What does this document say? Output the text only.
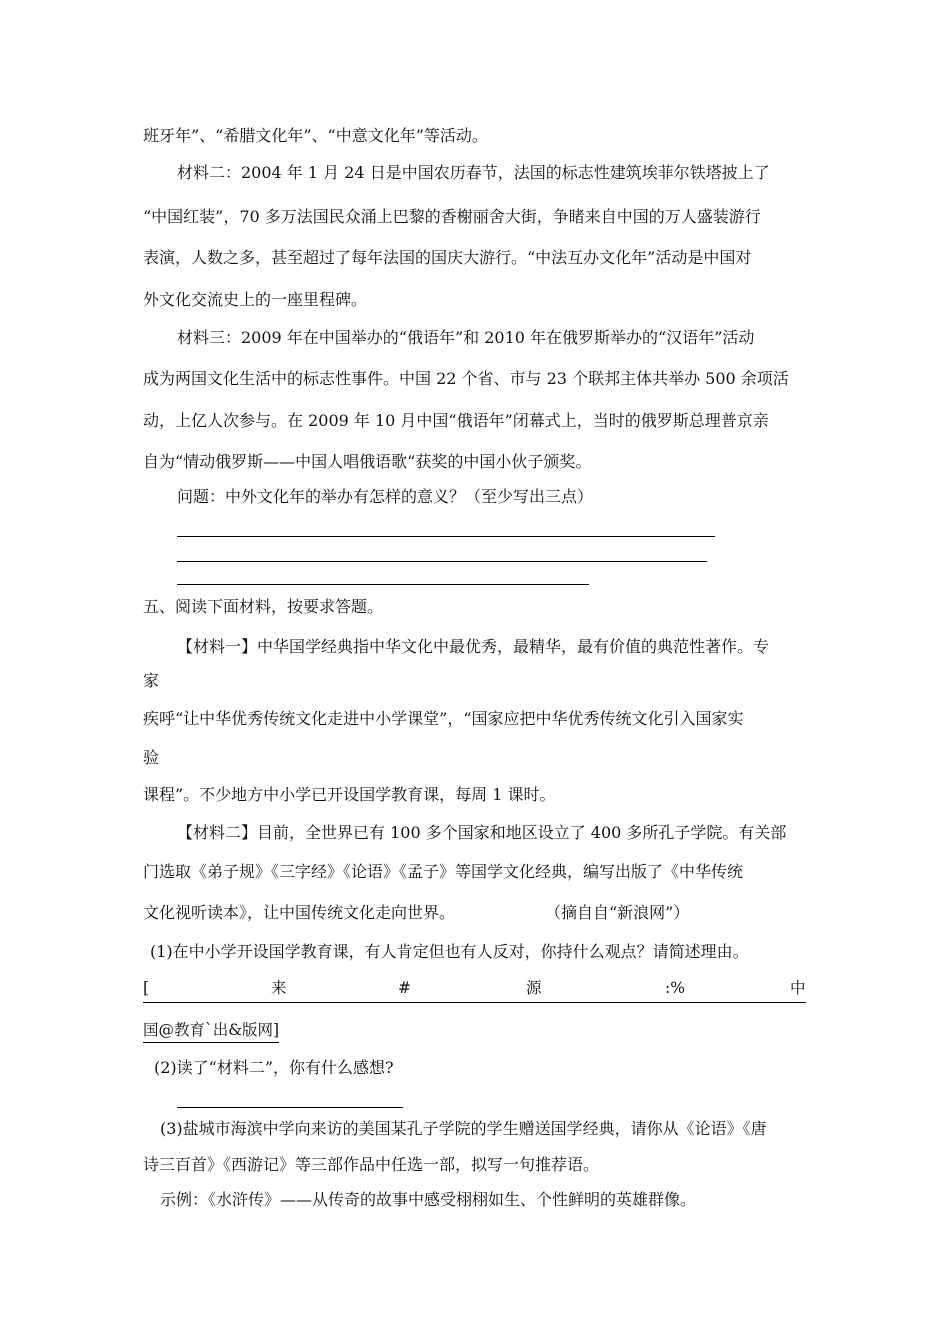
班牙年”、“希腊文化年”、“中意文化年”等活动。
材料二：2004 年 1 月 24 日是中国农历春节，法国的标志性建筑埃菲尔铁塔披上了
“中国红装”，70 多万法国民众涌上巴黎的香榭丽舍大街，争睹来自中国的万人盛装游行
表演，人数之多，甚至超过了每年法国的国庆大游行。“中法互办文化年”活动是中国对
外文化交流史上的一座里程碑。
材料三：2009 年在中国举办的“俄语年”和 2010 年在俄罗斯举办的“汉语年”活动
成为两国文化生活中的标志性事件。中国 22 个省、市与 23 个联邦主体共举办 500 余项活
动，上亿人次参与。在 2009 年 10 月中国“俄语年”闭幕式上，当时的俄罗斯总理普京亲
自为“情动俄罗斯——中国人唱俄语歌“获奖的中国小伙子颁奖。
问题：中外文化年的举办有怎样的意义？（至少写出三点）
五、阅读下面材料，按要求答题。
【材料一】中华国学经典指中华文化中最优秀，最精华，最有价值的典范性著作。专
家
疾呼“让中华优秀传统文化走进中小学课堂”，“国家应把中华优秀传统文化引入国家实
验
课程”。不少地方中小学已开设国学教育课，每周 1 课时。
【材料二】目前，全世界已有 100 多个国家和地区设立了 400 多所孔子学院。有关部
门选取《弟子规》《三字经》《论语》《孟子》等国学文化经典，编写出版了《中华传统
文化视听读本》，让中国传统文化走向世界。	（摘自自“新浪网”）
(1)在中小学开设国学教育课，有人肯定但也有人反对，你持什么观点？请简述理由。
[	来	#	源	:%	中
国@教育`出&版网]
(2)读了“材料二”，你有什么感想?
(3)盐城市海滨中学向来访的美国某孔子学院的学生赠送国学经典，请你从《论语》《唐
诗三百首》《西游记》等三部作品中任选一部，拟写一句推荐语。
示例：《水浒传》——从传奇的故事中感受栩栩如生、个性鲜明的英雄群像。
